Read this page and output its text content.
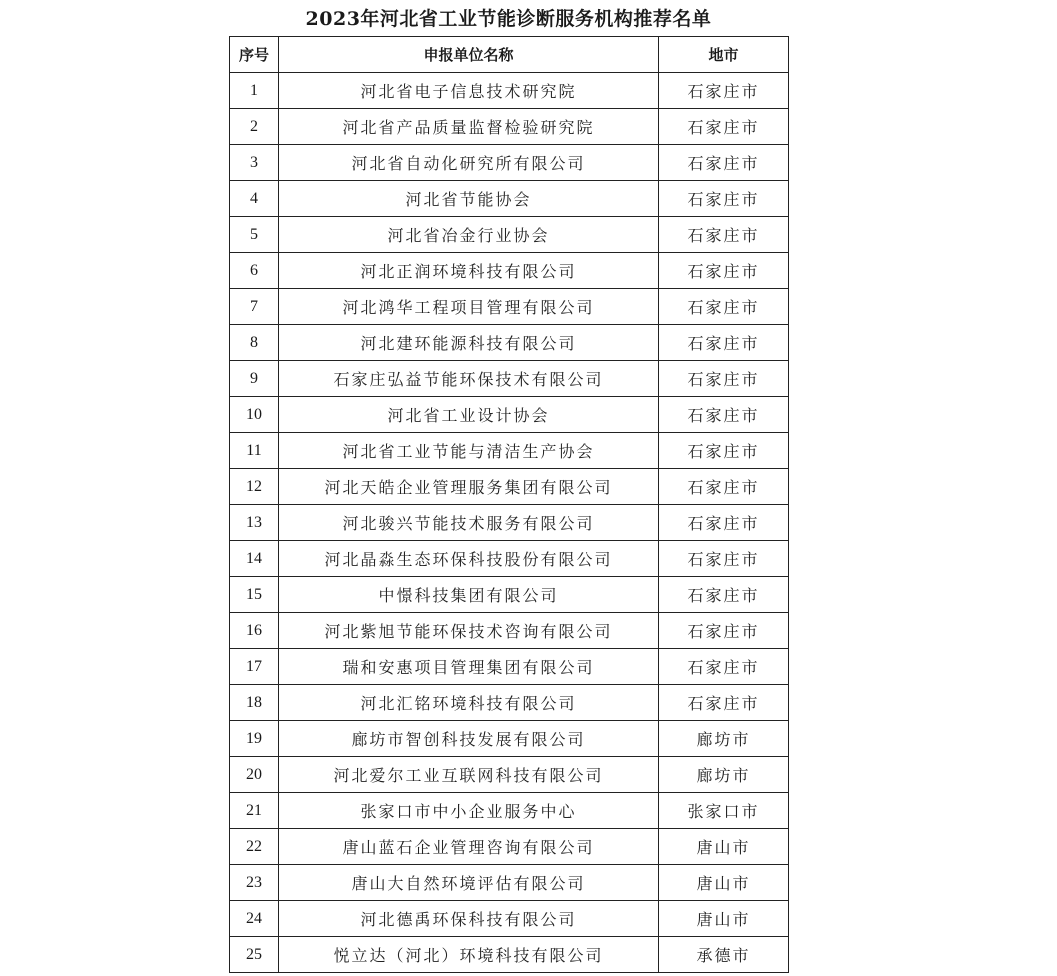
2023年河北省工业节能诊断服务机构推荐名单
序号	申报单位名称	地市
1	河北省电子信息技术研究院	石家庄市
2	河北省产品质量监督检验研究院	石家庄市
3	河北省自动化研究所有限公司	石家庄市
4	河北省节能协会	石家庄市
5	河北省冶金行业协会	石家庄市
6	河北正润环境科技有限公司	石家庄市
7	河北鸿华工程项目管理有限公司	石家庄市
8	河北建环能源科技有限公司	石家庄市
9	石家庄弘益节能环保技术有限公司	石家庄市
10	河北省工业设计协会	石家庄市
11	河北省工业节能与清洁生产协会	石家庄市
12	河北天皓企业管理服务集团有限公司	石家庄市
13	河北骏兴节能技术服务有限公司	石家庄市
14	河北晶淼生态环保科技股份有限公司	石家庄市
15	中憬科技集团有限公司	石家庄市
16	河北紫旭节能环保技术咨询有限公司	石家庄市
17	瑞和安惠项目管理集团有限公司	石家庄市
18	河北汇铭环境科技有限公司	石家庄市
19	廊坊市智创科技发展有限公司	廊坊市
20	河北爱尔工业互联网科技有限公司	廊坊市
21	张家口市中小企业服务中心	张家口市
22	唐山蓝石企业管理咨询有限公司	唐山市
23	唐山大自然环境评估有限公司	唐山市
24	河北德禹环保科技有限公司	唐山市
25	悦立达（河北）环境科技有限公司	承德市
